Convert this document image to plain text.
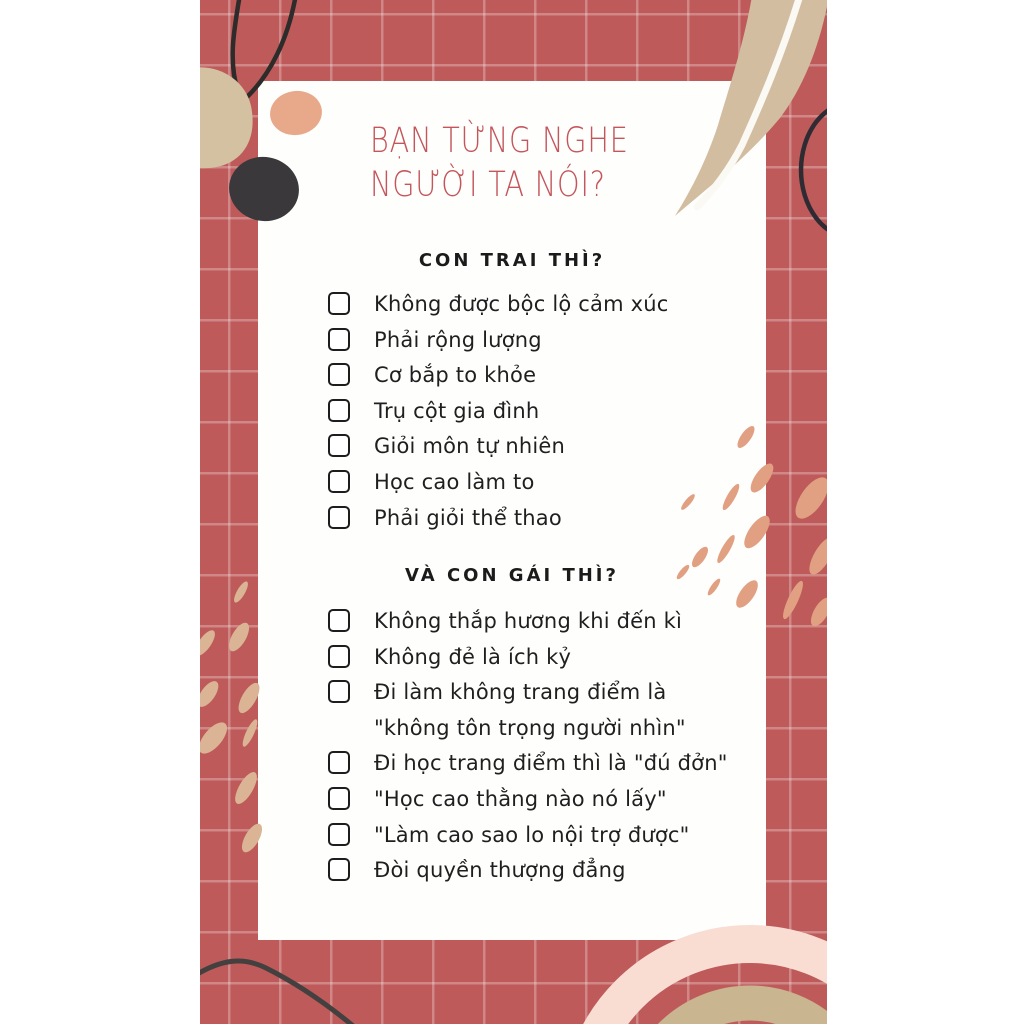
BẠN TỪNG NGHE
NGƯỜI TA NÓI?
CON TRAI THÌ?
Không được bộc lộ cảm xúc
Phải rộng lượng
Cơ bắp to khỏe
Trụ cột gia đình
Giỏi môn tự nhiên
Học cao làm to
Phải giỏi thể thao
VÀ CON GÁI THÌ?
Không thắp hương khi đến kì
Không đẻ là ích kỷ
Đi làm không trang điểm là
"không tôn trọng người nhìn"
Đi học trang điểm thì là "đú đởn"
"Học cao thằng nào nó lấy"
"Làm cao sao lo nội trợ được"
Đòi quyền thượng đẳng
